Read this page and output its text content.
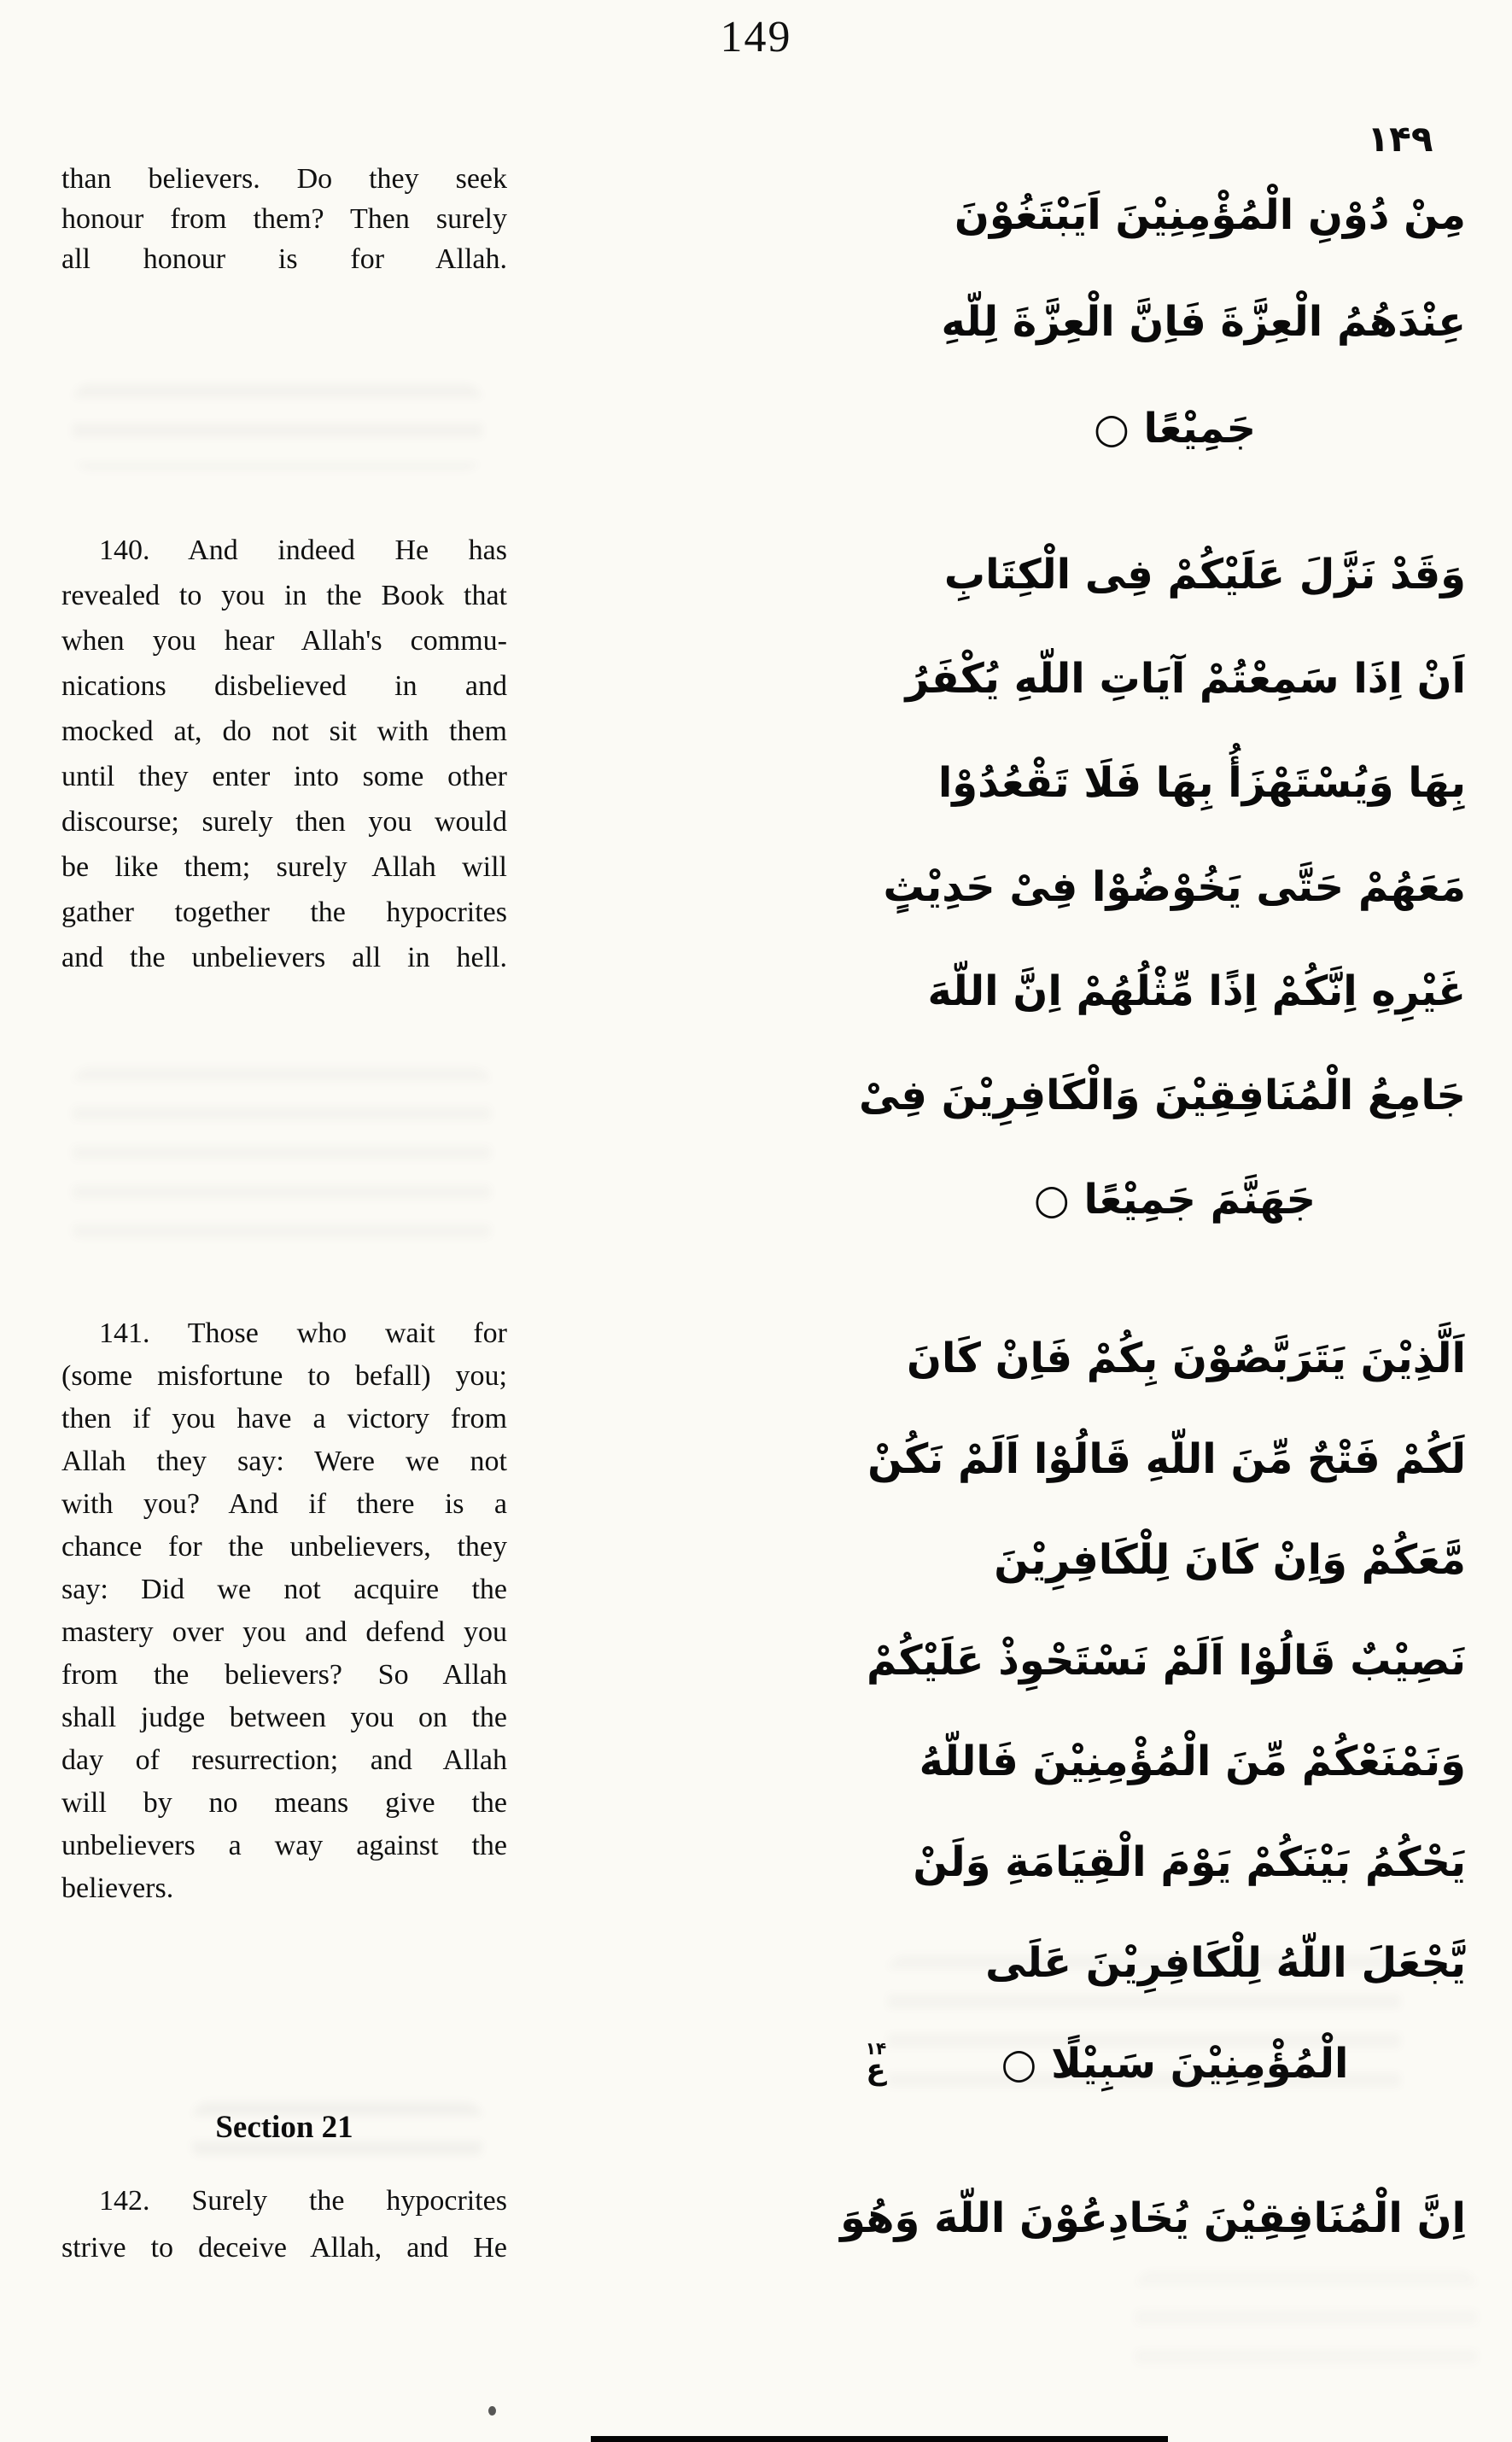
149
۱۴۹
than believers. Do they seek
honour from them? Then surely
all honour is for Allah.
140. And indeed He has
revealed to you in the Book that
when you hear Allah's commu-
nications disbelieved in and
mocked at, do not sit with them
until they enter into some other
discourse; surely then you would
be like them; surely Allah will
gather together the hypocrites
and the unbelievers all in hell.
141. Those who wait for
(some misfortune to befall) you;
then if you have a victory from
Allah they say: Were we not
with you? And if there is a
chance for the unbelievers, they
say: Did we not acquire the
mastery over you and defend you
from the believers? So Allah
shall judge between you on the
day of resurrection; and Allah
will by no means give the
unbelievers a way against the
believers.
Section 21
142. Surely the hypocrites
strive to deceive Allah, and He
مِنْ دُوْنِ الْمُؤْمِنِيْنَ اَيَبْتَغُوْنَ
عِنْدَهُمُ الْعِزَّةَ فَاِنَّ الْعِزَّةَ لِلّهِ
جَمِيْعًا ○
وَقَدْ نَزَّلَ عَلَيْكُمْ فِى الْكِتَابِ
اَنْ اِذَا سَمِعْتُمْ آيَاتِ اللّهِ يُكْفَرُ
بِهَا وَيُسْتَهْزَأُ بِهَا فَلَا تَقْعُدُوْا
مَعَهُمْ حَتَّى يَخُوْضُوْا فِىْ حَدِيْثٍ
غَيْرِهِ اِنَّكُمْ اِذًا مِّثْلُهُمْ اِنَّ اللّهَ
جَامِعُ الْمُنَافِقِيْنَ وَالْكَافِرِيْنَ فِىْ
جَهَنَّمَ جَمِيْعًا ○
اَلَّذِيْنَ يَتَرَبَّصُوْنَ بِكُمْ فَاِنْ كَانَ
لَكُمْ فَتْحٌ مِّنَ اللّهِ قَالُوْا اَلَمْ نَكُنْ
مَّعَكُمْ وَاِنْ كَانَ لِلْكَافِرِيْنَ
نَصِيْبٌ قَالُوْا اَلَمْ نَسْتَحْوِذْ عَلَيْكُمْ
وَنَمْنَعْكُمْ مِّنَ الْمُؤْمِنِيْنَ فَاللّهُ
يَحْكُمُ بَيْنَكُمْ يَوْمَ الْقِيَامَةِ وَلَنْ
يَّجْعَلَ اللّهُ لِلْكَافِرِيْنَ عَلَى
الْمُؤْمِنِيْنَ سَبِيْلًا ○
اِنَّ الْمُنَافِقِيْنَ يُخَادِعُوْنَ اللّهَ وَهُوَ
۱۴
ع
